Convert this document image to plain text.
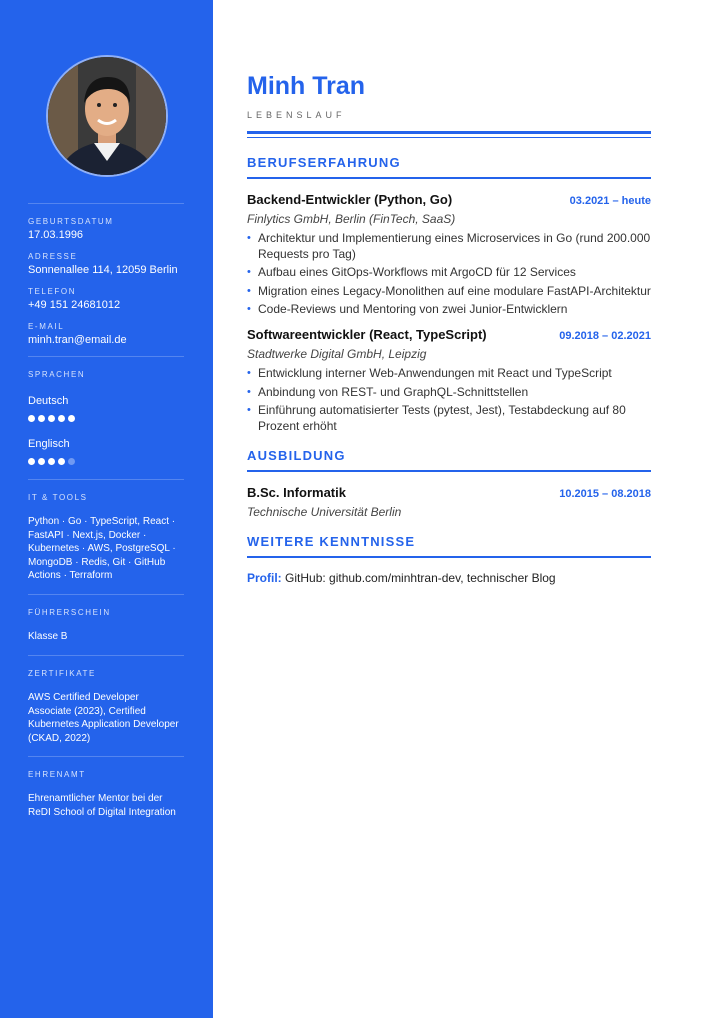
GEBURTSDATUM
17.03.1996
ADRESSE
Sonnenallee 114, 12059 Berlin
TELEFON
+49 151 24681012
E-MAIL
minh.tran@email.de
SPRACHEN
Deutsch
Englisch
IT & TOOLS
Python · Go · TypeScript, React · FastAPI · Next.js, Docker · Kubernetes · AWS, PostgreSQL · MongoDB · Redis, Git · GitHub Actions · Terraform
FÜHRERSCHEIN
Klasse B
ZERTIFIKATE
AWS Certified Developer Associate (2023), Certified Kubernetes Application Developer (CKAD, 2022)
EHRENAMT
Ehrenamtlicher Mentor bei der ReDI School of Digital Integration
Minh Tran
LEBENSLAUF
BERUFSERFAHRUNG
Backend-Entwickler (Python, Go)	03.2021 – heute
Finlytics GmbH, Berlin (FinTech, SaaS)
• Architektur und Implementierung eines Microservices in Go (rund 200.000 Requests pro Tag)
• Aufbau eines GitOps-Workflows mit ArgoCD für 12 Services
• Migration eines Legacy-Monolithen auf eine modulare FastAPI-Architektur
• Code-Reviews und Mentoring von zwei Junior-Entwicklern
Softwareentwickler (React, TypeScript)	09.2018 – 02.2021
Stadtwerke Digital GmbH, Leipzig
• Entwicklung interner Web-Anwendungen mit React und TypeScript
• Anbindung von REST- und GraphQL-Schnittstellen
• Einführung automatisierter Tests (pytest, Jest), Testabdeckung auf 80 Prozent erhöht
AUSBILDUNG
B.Sc. Informatik	10.2015 – 08.2018
Technische Universität Berlin
WEITERE KENNTNISSE
Profil: GitHub: github.com/minhtran-dev, technischer Blog
